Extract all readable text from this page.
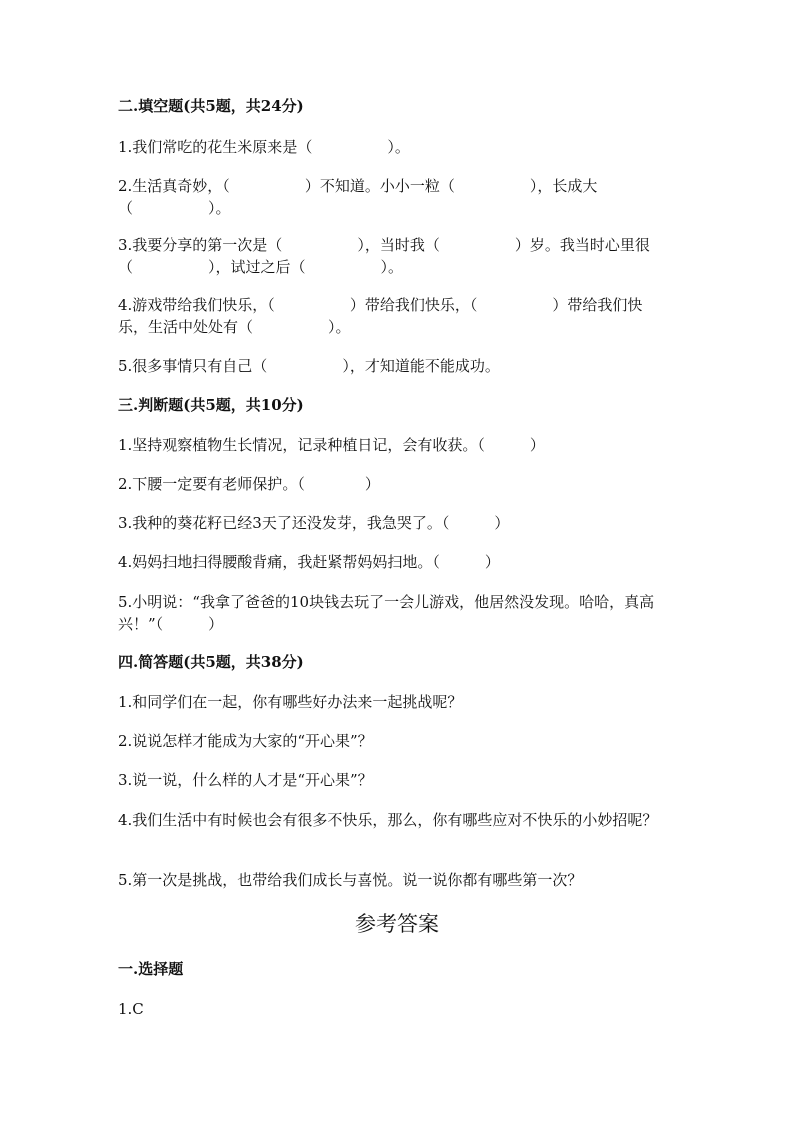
二.填空题(共5题，共24分)
1.我们常吃的花生米原来是（　　　　　）。
2.生活真奇妙，（　　　　　）不知道。小小一粒（　　　　　），长成大（　　　　　）。
3.我要分享的第一次是（　　　　　），当时我（　　　　　）岁。我当时心里很（　　　　　），试过之后（　　　　　）。
4.游戏带给我们快乐，（　　　　　）带给我们快乐，（　　　　　）带给我们快乐，生活中处处有（　　　　　）。
5.很多事情只有自己（　　　　　），才知道能不能成功。
三.判断题(共5题，共10分)
1.坚持观察植物生长情况，记录种植日记，会有收获。（　　　）
2.下腰一定要有老师保护。（　　　　）
3.我种的葵花籽已经3天了还没发芽，我急哭了。（　　　）
4.妈妈扫地扫得腰酸背痛，我赶紧帮妈妈扫地。（　　　）
5.小明说：“我拿了爸爸的10块钱去玩了一会儿游戏，他居然没发现。哈哈，真高兴！”（　　　）
四.简答题(共5题，共38分)
1.和同学们在一起，你有哪些好办法来一起挑战呢？
2.说说怎样才能成为大家的“开心果”？
3.说一说，什么样的人才是“开心果”？
4.我们生活中有时候也会有很多不快乐，那么，你有哪些应对不快乐的小妙招呢？
5.第一次是挑战，也带给我们成长与喜悦。说一说你都有哪些第一次？
参考答案
一.选择题
1.C
